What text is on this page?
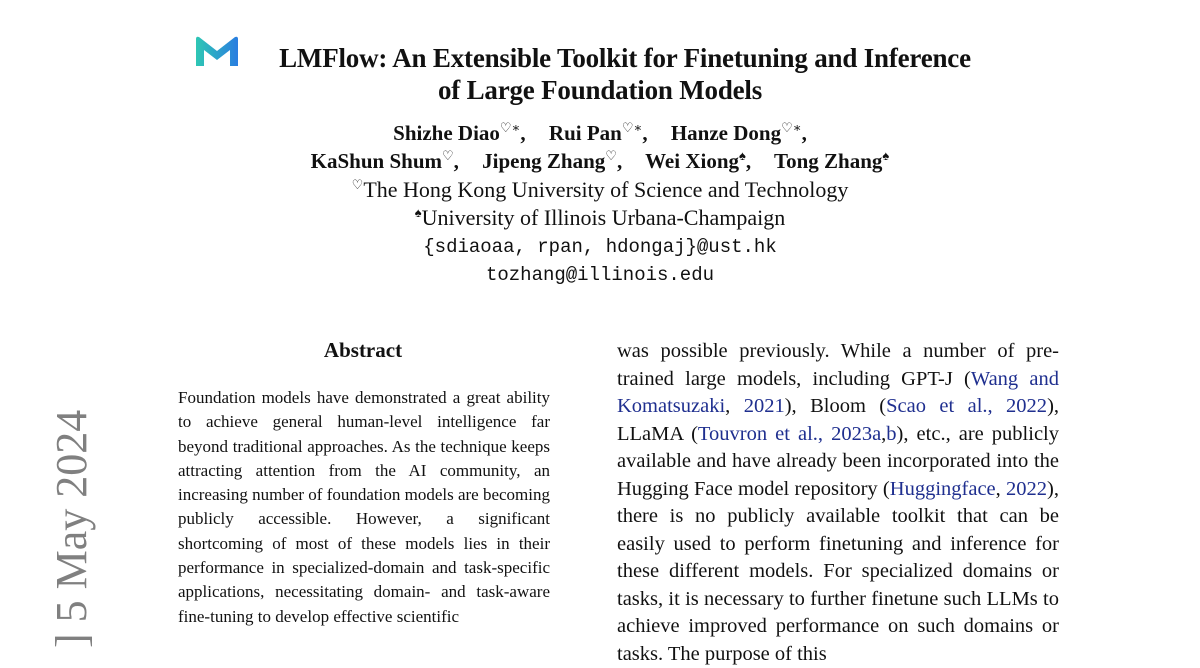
LMFlow: An Extensible Toolkit for Finetuning and Inference
of Large Foundation Models
Shizhe Diao♡∗, Rui Pan♡∗, Hanze Dong♡∗,
KaShun Shum♡, Jipeng Zhang♡, Wei Xiong♠, Tong Zhang♠
♡The Hong Kong University of Science and Technology
♠University of Illinois Urbana-Champaign
{sdiaoaa, rpan, hdongaj}@ust.hk
tozhang@illinois.edu
Abstract
Foundation models have demonstrated a great ability to achieve general human-level intelligence far beyond traditional approaches. As the technique keeps attracting attention from the AI community, an increasing number of foundation models are becoming publicly accessible. However, a significant shortcoming of most of these models lies in their performance in specialized-domain and task-specific applications, necessitating domain- and task-aware fine-tuning to develop effective scientific
was possible previously. While a number of pre-trained large models, including GPT-J (Wang and Komatsuzaki, 2021), Bloom (Scao et al., 2022), LLaMA (Touvron et al., 2023a,b), etc., are publicly available and have already been incorporated into the Hugging Face model repository (Huggingface, 2022), there is no publicly available toolkit that can be easily used to perform finetuning and inference for these different models. For specialized domains or tasks, it is necessary to further finetune such LLMs to achieve improved performance on such domains or tasks. The purpose of this
] 5 May 2024
